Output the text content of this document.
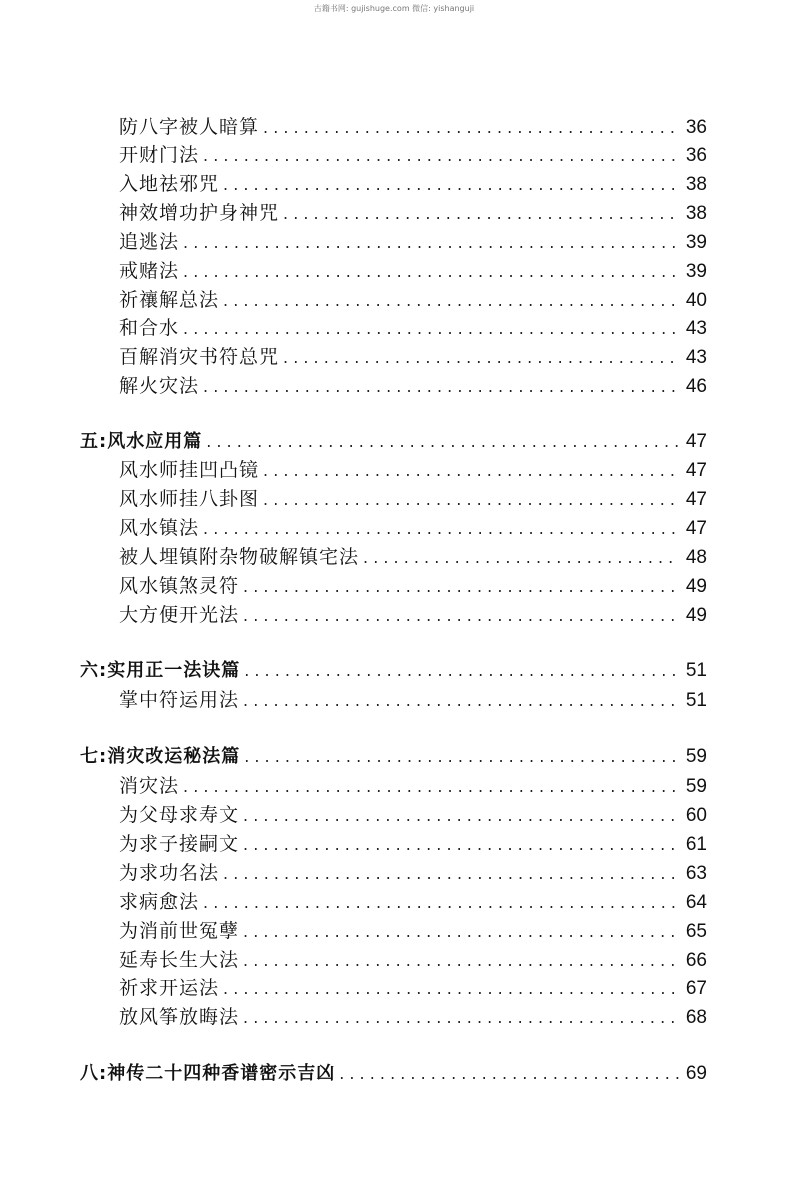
古籍书网: gujishuge.com 微信: yishanguji
防八字被人暗算 . . .	36
开财门法 . . .	36
入地祛邪咒 . . .	38
神效增功护身神咒 . . .	38
追逃法 . . .	39
戒赌法 . . .	39
祈禳解总法 . . .	40
和合水 . . .	43
百解消灾书符总咒 . . .	43
解火灾法 . . .	46
五:风水应用篇 . . .	47
风水师挂凹凸镜 . . .	47
风水师挂八卦图 . . .	47
风水镇法 . . .	47
被人埋镇附杂物破解镇宅法 . . .	48
风水镇煞灵符 . . .	49
大方便开光法 . . .	49
六:实用正一法诀篇 . . .	51
掌中符运用法 . . .	51
七:消灾改运秘法篇 . . .	59
消灾法 . . .	59
为父母求寿文 . . .	60
为求子接嗣文 . . .	61
为求功名法 . . .	63
求病愈法 . . .	64
为消前世冤孽 . . .	65
延寿长生大法 . . .	66
祈求开运法 . . .	67
放风筝放晦法 . . .	68
八:神传二十四种香谱密示吉凶 . . .	69
